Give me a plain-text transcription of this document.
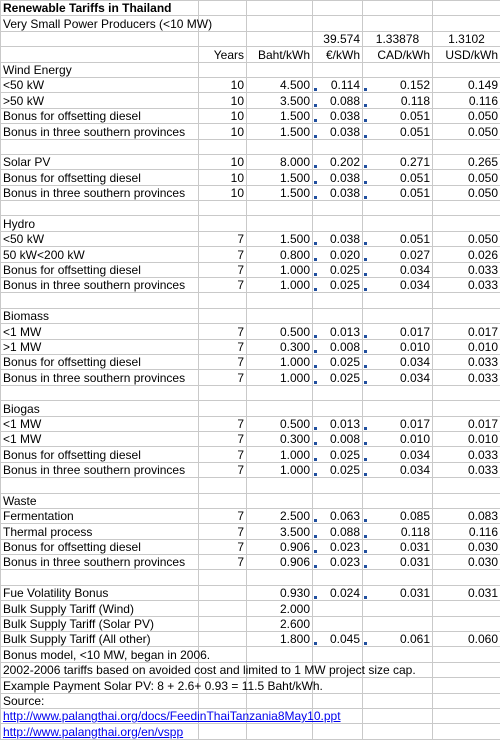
Renewable Tariffs in Thailand					
Very Small Power Producers (<10 MW)					
			39.574	1.33878	1.3102
	Years	Baht/kWh	€/kWh	CAD/kWh	USD/kWh
Wind Energy					
<50 kW	10	4.500	0.114	0.152	0.149
>50 kW	10	3.500	0.088	0.118	0.116
Bonus for offsetting diesel	10	1.500	0.038	0.051	0.050
Bonus in three southern provinces	10	1.500	0.038	0.051	0.050

Solar PV	10	8.000	0.202	0.271	0.265
Bonus for offsetting diesel	10	1.500	0.038	0.051	0.050
Bonus in three southern provinces	10	1.500	0.038	0.051	0.050

Hydro					
<50 kW	7	1.500	0.038	0.051	0.050
50 kW<200 kW	7	0.800	0.020	0.027	0.026
Bonus for offsetting diesel	7	1.000	0.025	0.034	0.033
Bonus in three southern provinces	7	1.000	0.025	0.034	0.033

Biomass					
<1 MW	7	0.500	0.013	0.017	0.017
>1 MW	7	0.300	0.008	0.010	0.010
Bonus for offsetting diesel	7	1.000	0.025	0.034	0.033
Bonus in three southern provinces	7	1.000	0.025	0.034	0.033

Biogas					
<1 MW	7	0.500	0.013	0.017	0.017
<1 MW	7	0.300	0.008	0.010	0.010
Bonus for offsetting diesel	7	1.000	0.025	0.034	0.033
Bonus in three southern provinces	7	1.000	0.025	0.034	0.033

Waste					
Fermentation	7	2.500	0.063	0.085	0.083
Thermal process	7	3.500	0.088	0.118	0.116
Bonus for offsetting diesel	7	0.906	0.023	0.031	0.030
Bonus in three southern provinces	7	0.906	0.023	0.031	0.030

Fue Volatility Bonus		0.930	0.024	0.031	0.031
Bulk Supply Tariff (Wind)		2.000			
Bulk Supply Tariff (Solar PV)		2.600			
Bulk Supply Tariff (All other)		1.800	0.045	0.061	0.060
Bonus model, <10 MW, began in 2006.					
2002-2006 tariffs based on avoided cost and limited to 1 MW project size cap.					
Example Payment Solar PV: 8 + 2.6+ 0.93 = 11.5 Baht/kWh.					
Source:					
http://www.palangthai.org/docs/FeedinThaiTanzania8May10.ppt					
http://www.palangthai.org/en/vspp					
